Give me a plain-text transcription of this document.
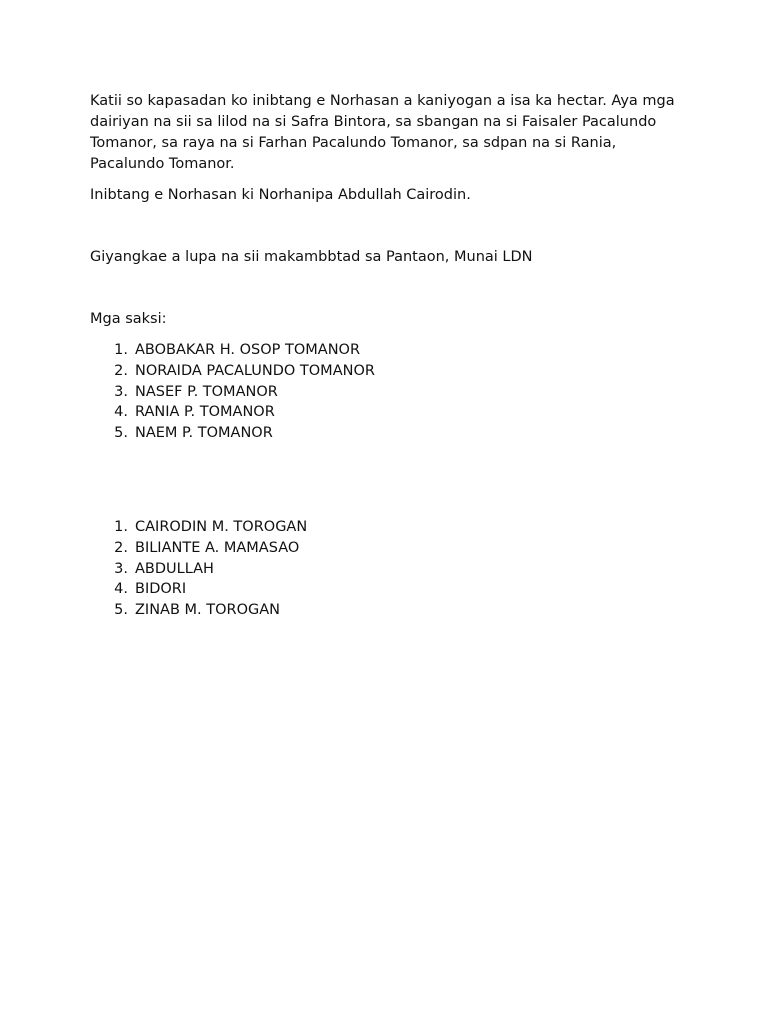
Katii so kapasadan ko inibtang e Norhasan a kaniyogan a isa ka hectar. Aya mga dairiyan na sii sa lilod na si Safra Bintora, sa sbangan na si Faisaler Pacalundo Tomanor, sa raya na si Farhan Pacalundo Tomanor, sa sdpan na si Rania, Pacalundo Tomanor.

Inibtang e Norhasan ki Norhanipa Abdullah Cairodin.

Giyangkae a lupa na sii makambbtad sa Pantaon, Munai LDN

Mga saksi:

1. ABOBAKAR H. OSOP TOMANOR
2. NORAIDA PACALUNDO TOMANOR
3. NASEF P. TOMANOR
4. RANIA P. TOMANOR
5. NAEM P. TOMANOR
1. CAIRODIN M. TOROGAN
2. BILIANTE A. MAMASAO
3. ABDULLAH
4. BIDORI
5. ZINAB M. TOROGAN
